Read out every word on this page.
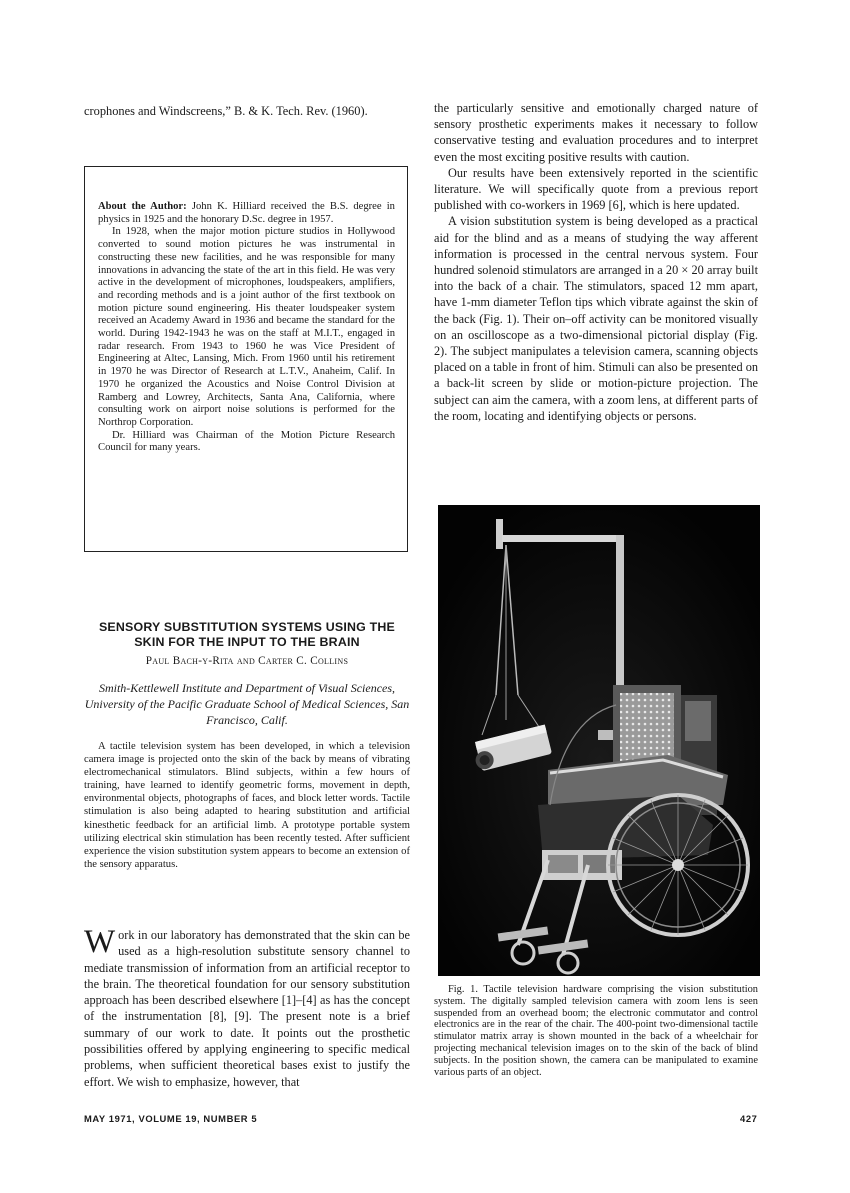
crophones and Windscreens,” B. & K. Tech. Rev. (1960).

About the Author: John K. Hilliard received the B.S. degree in physics in 1925 and the honorary D.Sc. degree in 1957.

In 1928, when the major motion picture studios in Hollywood converted to sound motion pictures he was instrumental in constructing these new facilities, and he was responsible for many innovations in advancing the state of the art in this field. He was very active in the development of microphones, loudspeakers, amplifiers, and recording methods and is a joint author of the first textbook on motion picture sound engineering. His theater loudspeaker system received an Academy Award in 1936 and became the standard for the world. During 1942-1943 he was on the staff at M.I.T., engaged in radar research. From 1943 to 1960 he was Vice President of Engineering at Altec, Lansing, Mich. From 1960 until his retirement in 1970 he was Director of Research at L.T.V., Anaheim, Calif. In 1970 he organized the Acoustics and Noise Control Division at Ramberg and Lowrey, Architects, Santa Ana, California, where consulting work on airport noise solutions is performed for the Northrop Corporation.

Dr. Hilliard was Chairman of the Motion Picture Research Council for many years.

SENSORY SUBSTITUTION SYSTEMS USING THE SKIN FOR THE INPUT TO THE BRAIN
Paul Bach-y-Rita and Carter C. Collins
Smith-Kettlewell Institute and Department of Visual Sciences, University of the Pacific Graduate School of Medical Sciences, San Francisco, Calif.
A tactile television system has been developed, in which a television camera image is projected onto the skin of the back by means of vibrating electromechanical stimulators. Blind subjects, within a few hours of training, have learned to identify geometric forms, movement in depth, environmental objects, photographs of faces, and block letter words. Tactile stimulation is also being adapted to hearing substitution and artificial kinesthetic feedback for an artificial limb. A prototype portable system utilizing electrical skin stimulation has been recently tested. After sufficient experience the vision substitution system appears to become an extension of the sensory apparatus.
Work in our laboratory has demonstrated that the skin can be used as a high-resolution substitute sensory channel to mediate transmission of information from an artificial receptor to the brain. The theoretical foundation for our sensory substitution approach has been described elsewhere [1]–[4] as has the concept of the instrumentation [8], [9]. The present note is a brief summary of our work to date. It points out the prosthetic possibilities offered by applying engineering to specific medical problems, when sufficient theoretical bases exist to justify the effort. We wish to emphasize, however, that

the particularly sensitive and emotionally charged nature of sensory prosthetic experiments makes it necessary to follow conservative testing and evaluation procedures and to interpret even the most exciting positive results with caution.

Our results have been extensively reported in the scientific literature. We will specifically quote from a previous report published with co-workers in 1969 [6], which is here updated.

A vision substitution system is being developed as a practical aid for the blind and as a means of studying the way afferent information is processed in the central nervous system. Four hundred solenoid stimulators are arranged in a 20 × 20 array built into the back of a chair. The stimulators, spaced 12 mm apart, have 1-mm diameter Teflon tips which vibrate against the skin of the back (Fig. 1). Their on–off activity can be monitored visually on an oscilloscope as a two-dimensional pictorial display (Fig. 2). The subject manipulates a television camera, scanning objects placed on a table in front of him. Stimuli can also be presented on a back-lit screen by slide or motion-picture projection. The subject can aim the camera, with a zoom lens, at different parts of the room, locating and identifying objects or persons.

Fig. 1. Tactile television hardware comprising the vision substitution system. The digitally sampled television camera with zoom lens is seen suspended from an overhead boom; the electronic commutator and control electronics are in the rear of the chair. The 400-point two-dimensional tactile stimulator matrix array is shown mounted in the back of a wheelchair for projecting mechanical television images on to the skin of the back of blind subjects. In the position shown, the camera can be manipulated to examine various parts of an object.
MAY 1971, VOLUME 19, NUMBER 5	427
